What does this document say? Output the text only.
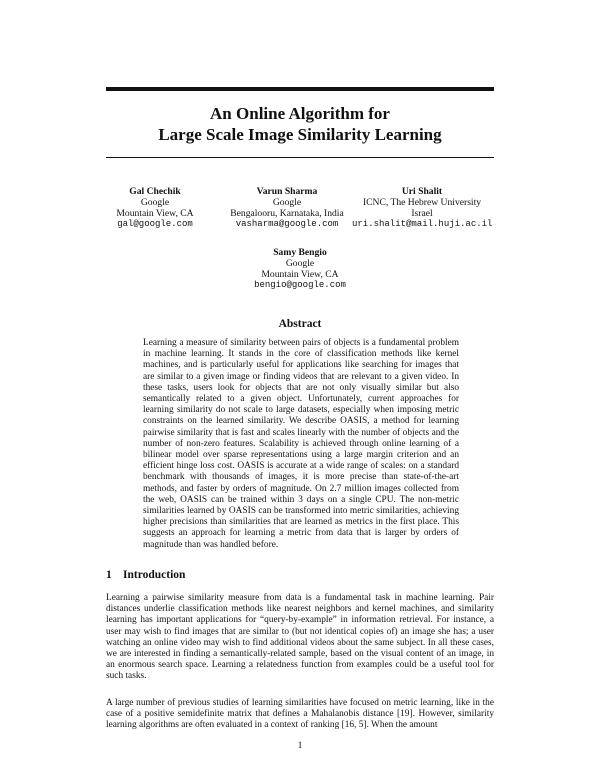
An Online Algorithm for
Large Scale Image Similarity Learning
Gal Chechik
Google
Mountain View, CA
gal@google.com
Varun Sharma
Google
Bengalooru, Karnataka, India
vasharma@google.com
Uri Shalit
ICNC, The Hebrew University
Israel
uri.shalit@mail.huji.ac.il
Samy Bengio
Google
Mountain View, CA
bengio@google.com
Abstract

Learning a measure of similarity between pairs of objects is a fundamental problem in machine learning. It stands in the core of classification methods like kernel machines, and is particularly useful for applications like searching for images that are similar to a given image or finding videos that are relevant to a given video. In these tasks, users look for objects that are not only visually similar but also semantically related to a given object. Unfortunately, current approaches for learning similarity do not scale to large datasets, especially when imposing metric constraints on the learned similarity. We describe OASIS, a method for learning pairwise similarity that is fast and scales linearly with the number of objects and the number of non-zero features. Scalability is achieved through online learning of a bilinear model over sparse representations using a large margin criterion and an efficient hinge loss cost. OASIS is accurate at a wide range of scales: on a standard benchmark with thousands of images, it is more precise than state-of-the-art methods, and faster by orders of magnitude. On 2.7 million images collected from the web, OASIS can be trained within 3 days on a single CPU. The non-metric similarities learned by OASIS can be transformed into metric similarities, achieving higher precisions than similarities that are learned as metrics in the first place. This suggests an approach for learning a metric from data that is larger by orders of magnitude than was handled before.

1 Introduction

Learning a pairwise similarity measure from data is a fundamental task in machine learning. Pair distances underlie classification methods like nearest neighbors and kernel machines, and similarity learning has important applications for “query-by-example” in information retrieval. For instance, a user may wish to find images that are similar to (but not identical copies of) an image she has; a user watching an online video may wish to find additional videos about the same subject. In all these cases, we are interested in finding a semantically-related sample, based on the visual content of an image, in an enormous search space. Learning a relatedness function from examples could be a useful tool for such tasks.

A large number of previous studies of learning similarities have focused on metric learning, like in the case of a positive semidefinite matrix that defines a Mahalanobis distance [19]. However, similarity learning algorithms are often evaluated in a context of ranking [16, 5]. When the amount

1
